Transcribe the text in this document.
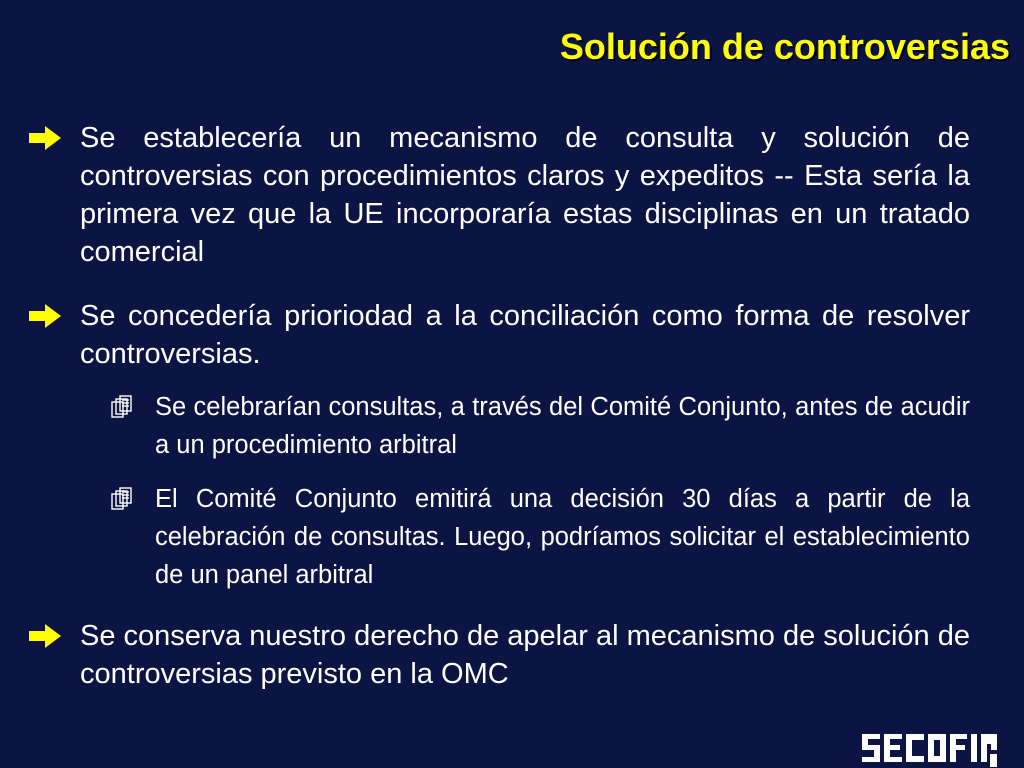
Solución de controversias
Se establecería un mecanismo de consulta y solución de controversias con procedimientos claros y expeditos -- Esta sería la primera vez que la UE incorporaría estas disciplinas en un tratado comercial
Se concedería prioriodad a la conciliación como forma de resolver controversias.
Se celebrarían consultas, a través del Comité Conjunto, antes de acudir a un procedimiento arbitral
El Comité Conjunto emitirá una decisión 30 días a partir de la celebración de consultas. Luego, podríamos solicitar el establecimiento de un panel arbitral
Se conserva nuestro derecho de apelar al mecanismo de solución de controversias previsto en la OMC
